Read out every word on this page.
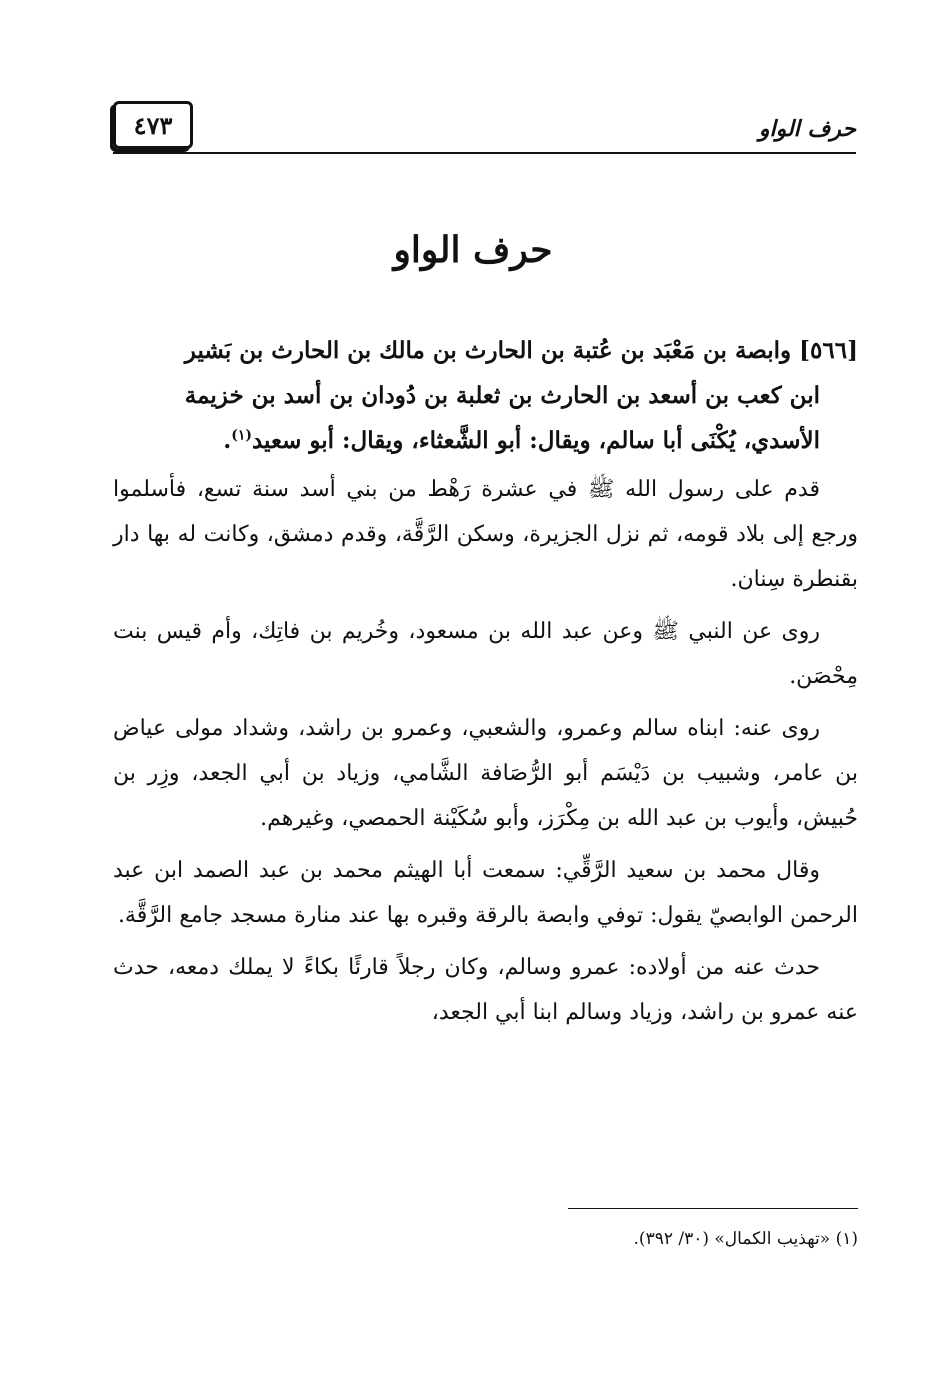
حرف الواو
٤٧٣
حرف الواو

[٥٦٦] وابصة بن مَعْبَد بن عُتبة بن الحارث بن مالك بن الحارث بن بَشير
ابن كعب بن أسعد بن الحارث بن ثعلبة بن دُودان بن أسد بن خزيمة
الأسدي، يُكْنَى أبا سالم، ويقال: أبو الشَّعثاء، ويقال: أبو سعيد$^{(١)}$.

قدم على رسول الله ﷺ في عشرة رَهْط من بني أسد سنة تسع، فأسلموا ورجع إلى بلاد قومه، ثم نزل الجزيرة، وسكن الرَّقَّة، وقدم دمشق، وكانت له بها دار بقنطرة سِنان.

روى عن النبي ﷺ وعن عبد الله بن مسعود، وخُريم بن فاتِك، وأم قيس بنت مِحْصَن.

روى عنه: ابناه سالم وعمرو، والشعبي، وعمرو بن راشد، وشداد مولى عياض بن عامر، وشبيب بن دَيْسَم أبو الرُّصَافة الشَّامي، وزياد بن أبي الجعد، وزِر بن حُبيش، وأيوب بن عبد الله بن مِكْرَز، وأبو سُكَيْنة الحمصي، وغيرهم.

وقال محمد بن سعيد الرَّقِّي: سمعت أبا الهيثم محمد بن عبد الصمد ابن عبد الرحمن الوابصيّ يقول: توفي وابصة بالرقة وقبره بها عند منارة مسجد جامع الرَّقَّة.

حدث عنه من أولاده: عمرو وسالم، وكان رجلاً قارئًا بكاءً لا يملك دمعه، حدث عنه عمرو بن راشد، وزياد وسالم ابنا أبي الجعد،

(١) «تهذيب الكمال» (٣٠/ ٣٩٢).
